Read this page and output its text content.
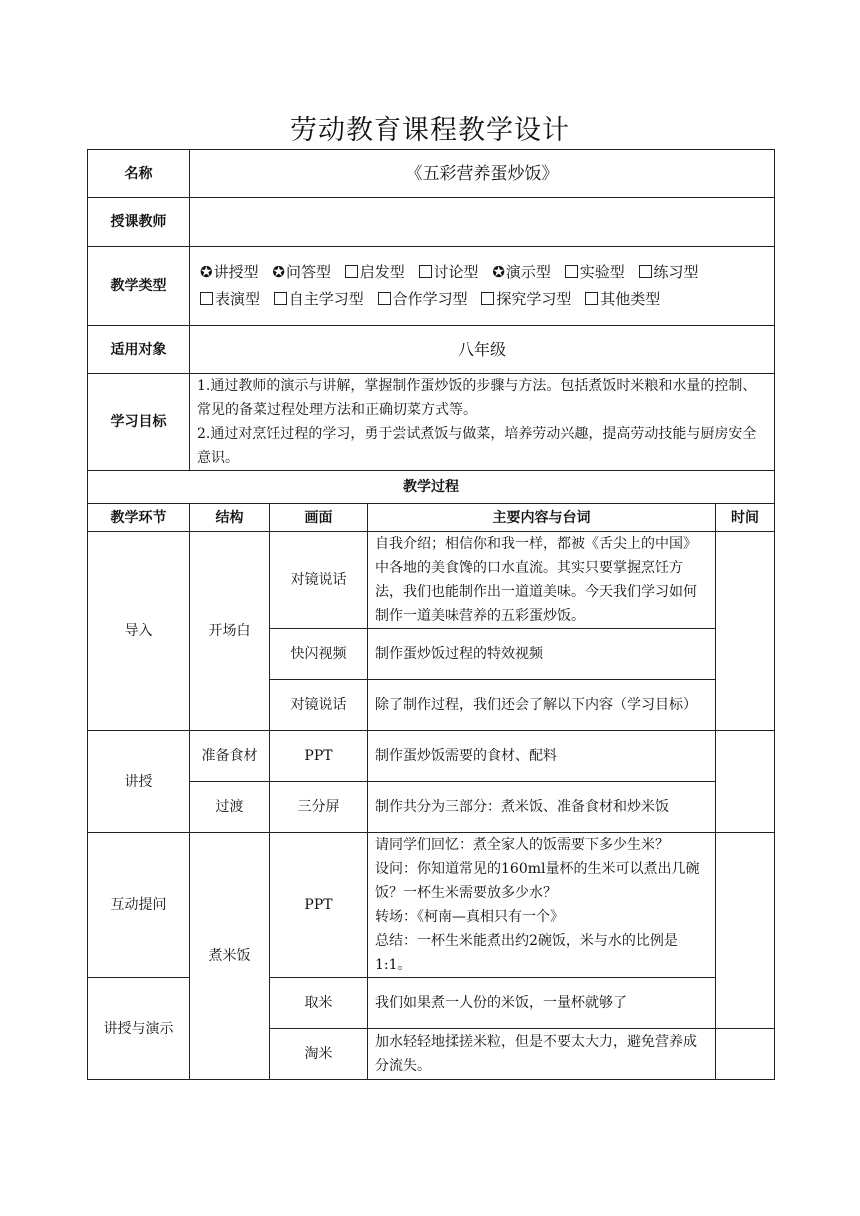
劳动教育课程教学设计
名称	《五彩营养蛋炒饭》			
授课教师				
教学类型	✪讲授型 ✪问答型 启发型 讨论型 ✪演示型 实验型 练习型 表演型 自主学习型 合作学习型 探究学习型 其他类型			
适用对象	八年级			
学习目标	1.通过教师的演示与讲解，掌握制作蛋炒饭的步骤与方法。包括煮饭时米粮和水量的控制、常见的备菜过程处理方法和正确切菜方式等。
2.通过对烹饪过程的学习，勇于尝试煮饭与做菜，培养劳动兴趣，提高劳动技能与厨房安全意识。			

教学过程				
教学环节	结构	画面	主要内容与台词	时间
导入	开场白	对镜说话	自我介绍；相信你和我一样，都被《舌尖上的中国》中各地的美食馋的口水直流。其实只要掌握烹饪方法，我们也能制作出一道道美味。今天我们学习如何制作一道美味营养的五彩蛋炒饭。	
		快闪视频	制作蛋炒饭过程的特效视频	
		对镜说话	除了制作过程，我们还会了解以下内容（学习目标）	
讲授	准备食材	PPT	制作蛋炒饭需要的食材、配料	
	过渡	三分屏	制作共分为三部分：煮米饭、准备食材和炒米饭	
互动提问	煮米饭	PPT	请同学们回忆：煮全家人的饭需要下多少生米？
设问：你知道常见的160ml量杯的生米可以煮出几碗饭？一杯生米需要放多少水？
转场：《柯南—真相只有一个》
总结：一杯生米能煮出约2碗饭，米与水的比例是1:1。	

讲授与演示		取米	我们如果煮一人份的米饭，一量杯就够了	
		淘米	加水轻轻地揉搓米粒，但是不要太大力，避免营养成分流失。	
